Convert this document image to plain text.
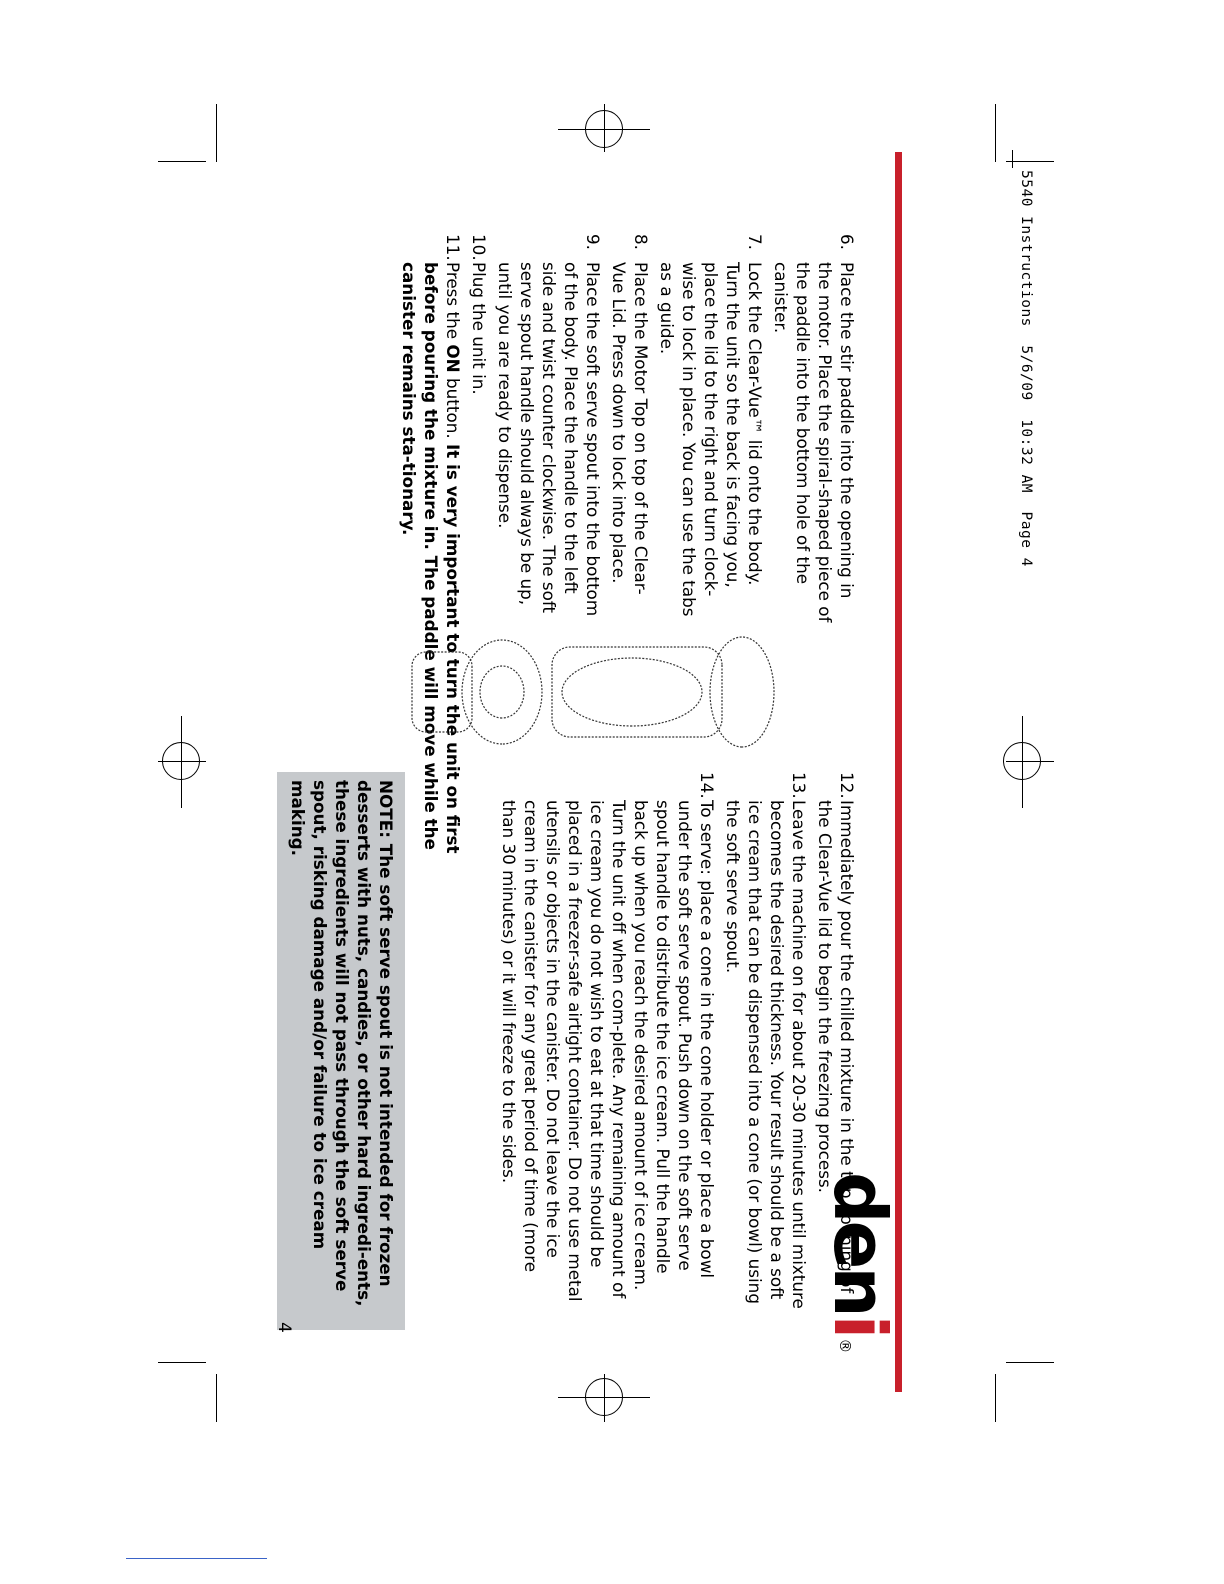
5540 Instructions  5/6/09  10:32 AM  Page 4
deni
®
6.
Place the stir paddle into the opening in the motor. Place the spiral-shaped piece of the paddle into the bottom hole of the canister.
7.
Lock the Clear-Vue™ lid onto the body. Turn the unit so the back is facing you, place the lid to the right and turn clock-wise to lock in place. You can use the tabs as a guide.
8.
Place the Motor Top on top of the Clear-Vue Lid. Press down to lock into place.
9.
Place the soft serve spout into the bottom of the body. Place the handle to the left side and twist counter clockwise. The soft serve spout handle should always be up, until you are ready to dispense.
10.
Plug the unit in.
11.
Press the ON button. It is very important to turn the unit on first before pouring the mixture in. The paddle will move while the canister remains sta-tionary.
12.
Immediately pour the chilled mixture in the top opening of the Clear-Vue lid to begin the freezing process.
13.
Leave the machine on for about 20-30 minutes until mixture becomes the desired thickness. Your result should be a soft ice cream that can be dispensed into a cone (or bowl) using the soft serve spout.
14.
To serve: place a cone in the cone holder or place a bowl under the soft serve spout. Push down on the soft serve spout handle to distribute the ice cream. Pull the handle back up when you reach the desired amount of ice cream. Turn the unit off when com-plete. Any remaining amount of ice cream you do not wish to eat at that time should be placed in a freezer-safe airtight container. Do not use metal utensils or objects in the canister. Do not leave the ice cream in the canister for any great period of time (more than 30 minutes) or it will freeze to the sides.
NOTE: The soft serve spout is not intended for frozen desserts with nuts, candies, or other hard ingredi-ents, these ingredients will not pass through the soft serve spout, risking damage and/or failure to ice cream making.
4
